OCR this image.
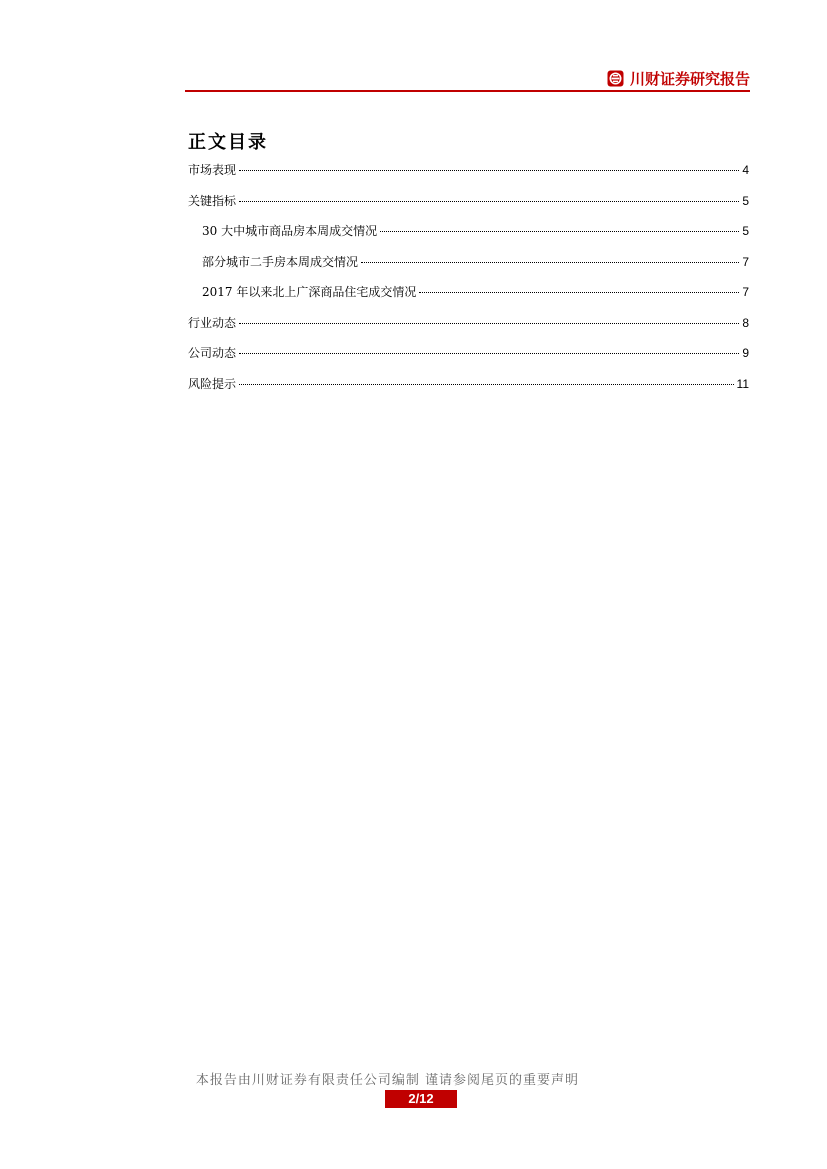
川财证券研究报告
正文目录
市场表现	4
关键指标	5
30 大中城市商品房本周成交情况	5
部分城市二手房本周成交情况	7
2017 年以来北上广深商品住宅成交情况	7
行业动态	8
公司动态	9
风险提示	11
本报告由川财证券有限责任公司编制 谨请参阅尾页的重要声明
2/12
